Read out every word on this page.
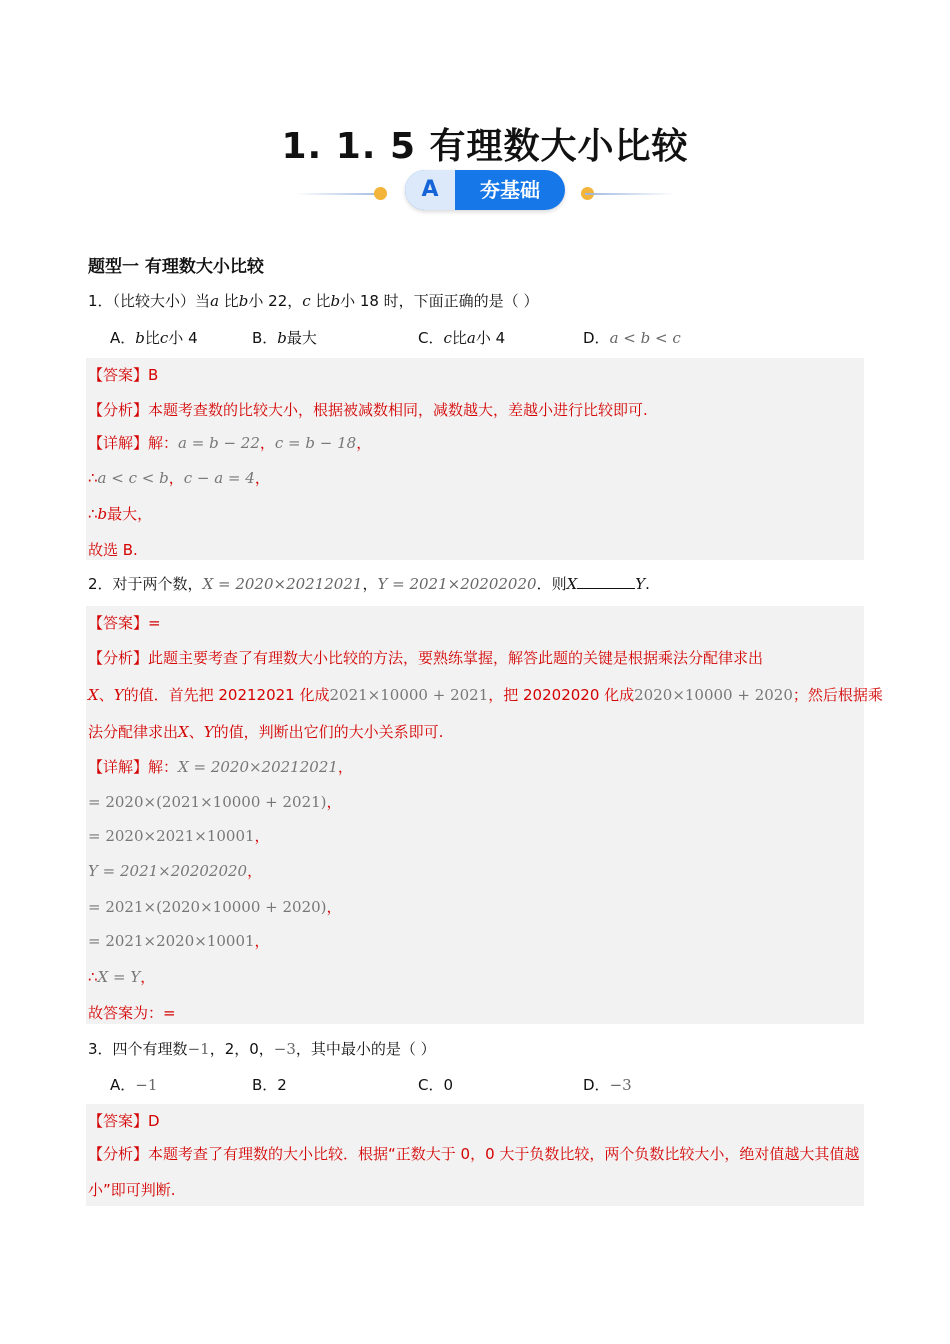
1. 1. 5 有理数大小比较
A	夯基础
题型一 有理数大小比较
1．（比较大小）当a 比b小 22，c 比b小 18 时，下面正确的是（ ）
A．b比c小 4	B．b最大	C．c比a小 4	D．a < b < c
【答案】B
【分析】本题考查数的比较大小，根据被减数相同，减数越大，差越小进行比较即可.
【详解】解：a = b − 22，c = b − 18，
∴a < c < b，c − a = 4，
∴b最大，
故选 B.
2．对于两个数，X = 2020×20212021，Y = 2021×20202020．则X	Y.
【答案】=
【分析】此题主要考查了有理数大小比较的方法，要熟练掌握，解答此题的关键是根据乘法分配律求出
X、Y的值．首先把 20212021 化成2021×10000 + 2021，把 20202020 化成2020×10000 + 2020；然后根据乘
法分配律求出X、Y的值，判断出它们的大小关系即可.
【详解】解：X = 2020×20212021，
= 2020×(2021×10000 + 2021)，
= 2020×2021×10001，
Y = 2021×20202020，
= 2021×(2020×10000 + 2020)，
= 2021×2020×10001，
∴X = Y，
故答案为：=
3．四个有理数−1，2，0，−3，其中最小的是（ ）
A．−1	B．2	C．0	D．−3
【答案】D
【分析】本题考查了有理数的大小比较．根据“正数大于 0，0 大于负数比较，两个负数比较大小，绝对值越大其值越小”即可判断.
